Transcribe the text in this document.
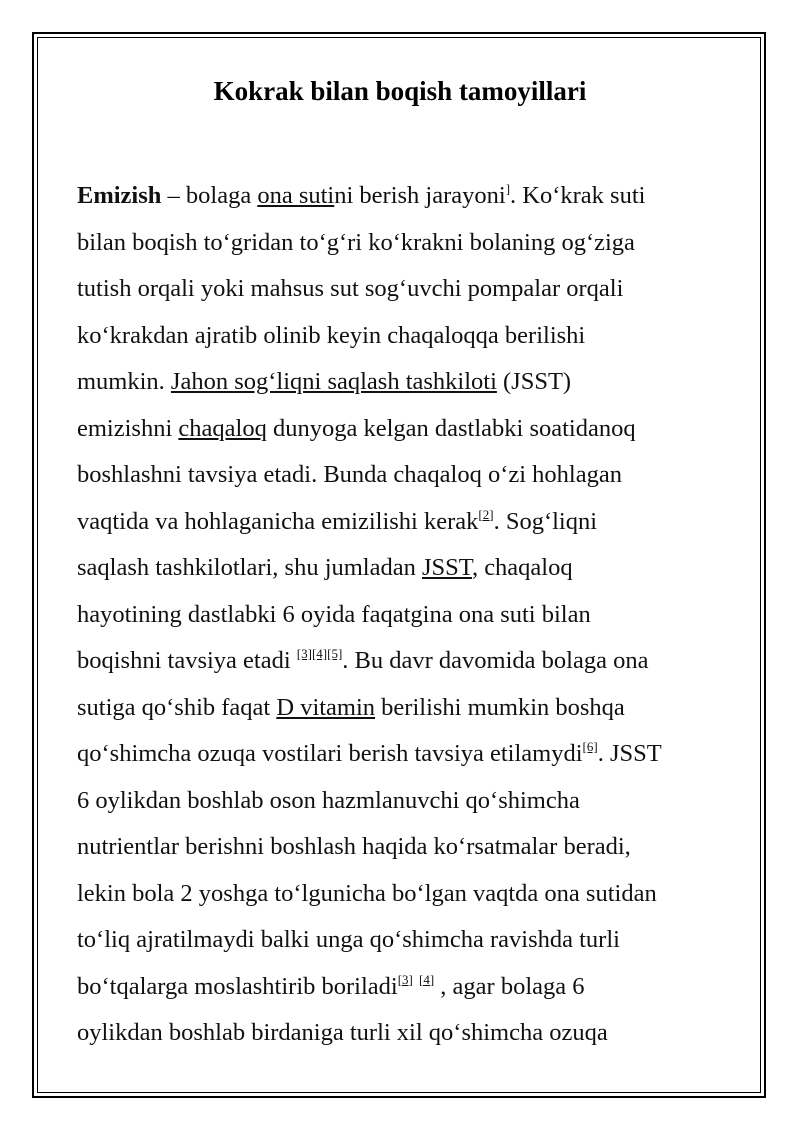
Kokrak bilan boqish tamoyillari
Emizish – bolaga ona sutini berish jarayoni]. Ko‘krak suti
bilan boqish to‘gridan to‘g‘ri ko‘krakni bolaning og‘ziga
tutish orqali yoki mahsus sut sog‘uvchi pompalar orqali
ko‘krakdan ajratib olinib keyin chaqaloqqa berilishi
mumkin. Jahon sog‘liqni saqlash tashkiloti (JSST)
emizishni chaqaloq dunyoga kelgan dastlabki soatidanoq
boshlashni tavsiya etadi. Bunda chaqaloq o‘zi hohlagan
vaqtida va hohlaganicha emizilishi kerak[2]. Sog‘liqni
saqlash tashkilotlari, shu jumladan JSST, chaqaloq
hayotining dastlabki 6 oyida faqatgina ona suti bilan
boqishni tavsiya etadi [3][4][5]. Bu davr davomida bolaga ona
sutiga qo‘shib faqat D vitamin berilishi mumkin boshqa
qo‘shimcha ozuqa vostilari berish tavsiya etilamydi[6]. JSST
6 oylikdan boshlab oson hazmlanuvchi qo‘shimcha
nutrientlar berishni boshlash haqida ko‘rsatmalar beradi,
lekin bola 2 yoshga to‘lgunicha bo‘lgan vaqtda ona sutidan
to‘liq ajratilmaydi balki unga qo‘shimcha ravishda turli
bo‘tqalarga moslashtirib boriladi[3] [4] , agar bolaga 6
oylikdan boshlab birdaniga turli xil qo‘shimcha ozuqa
